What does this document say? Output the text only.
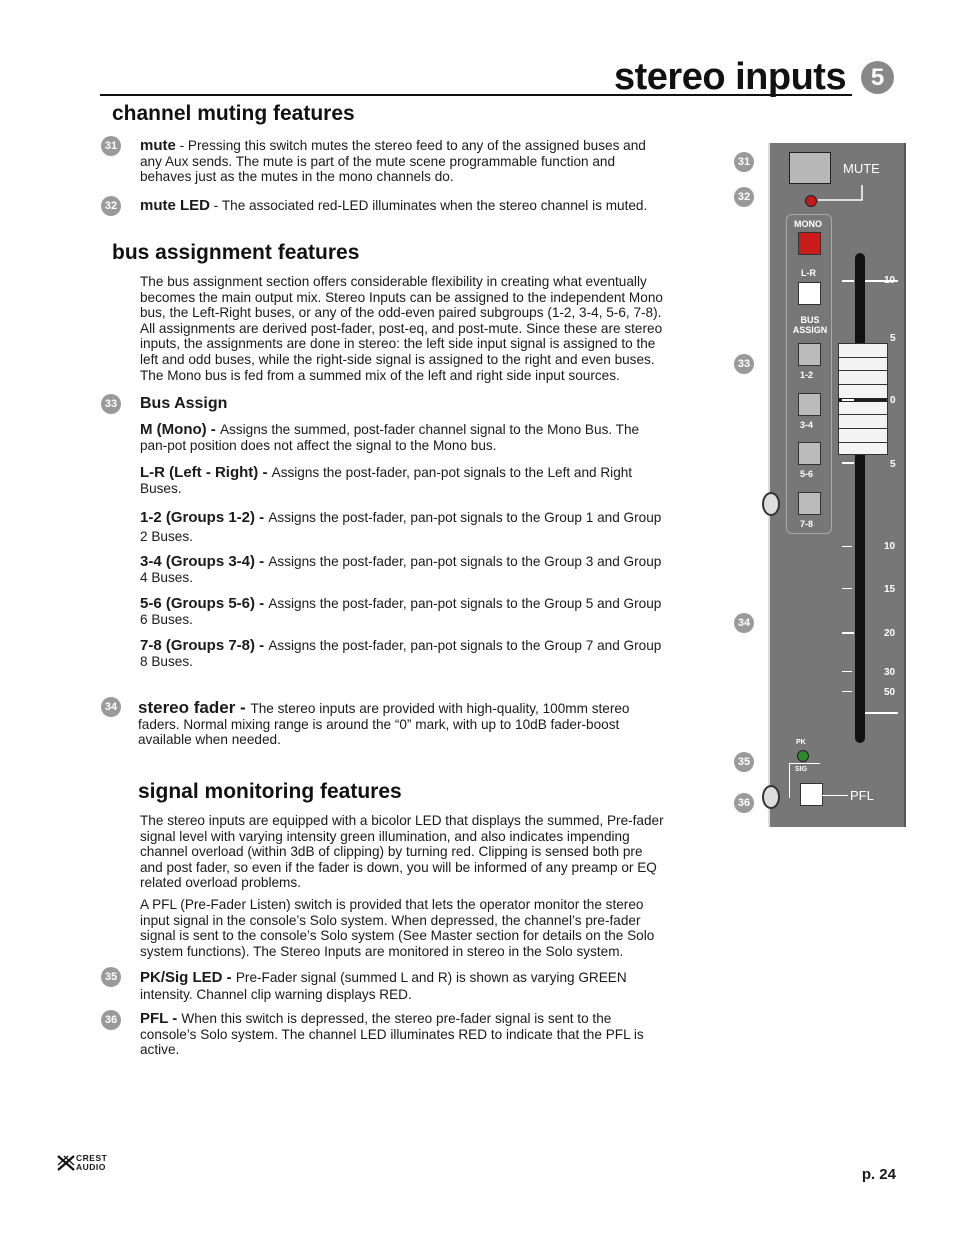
stereo inputs	5
channel muting features
31 mute - Pressing this switch mutes the stereo feed to any of the assigned buses and any Aux sends. The mute is part of the mute scene programmable function and behaves just as the mutes in the mono channels do.
32 mute LED - The associated red-LED illuminates when the stereo channel is muted.
bus assignment features
The bus assignment section offers considerable flexibility in creating what eventually becomes the main output mix. Stereo Inputs can be assigned to the independent Mono bus, the Left-Right buses, or any of the odd-even paired subgroups (1-2, 3-4, 5-6, 7-8). All assignments are derived post-fader, post-eq, and post-mute. Since these are stereo inputs, the assignments are done in stereo: the left side input signal is assigned to the left and odd buses, while the right-side signal is assigned to the right and even buses. The Mono bus is fed from a summed mix of the left and right side input sources.
33 Bus Assign
M (Mono) - Assigns the summed, post-fader channel signal to the Mono Bus. The pan-pot position does not affect the signal to the Mono bus.
L-R (Left - Right) - Assigns the post-fader, pan-pot signals to the Left and Right Buses.
1-2 (Groups 1-2) - Assigns the post-fader, pan-pot signals to the Group 1 and Group 2 Buses.
3-4 (Groups 3-4) - Assigns the post-fader, pan-pot signals to the Group 3 and Group 4 Buses.
5-6 (Groups 5-6) - Assigns the post-fader, pan-pot signals to the Group 5 and Group 6 Buses.
7-8 (Groups 7-8) - Assigns the post-fader, pan-pot signals to the Group 7 and Group 8 Buses.
34 stereo fader - The stereo inputs are provided with high-quality, 100mm stereo faders. Normal mixing range is around the “0” mark, with up to 10dB fader-boost available when needed.
signal monitoring features
The stereo inputs are equipped with a bicolor LED that displays the summed, Pre-fader signal level with varying intensity green illumination, and also indicates impending channel overload (within 3dB of clipping) by turning red. Clipping is sensed both pre and post fader, so even if the fader is down, you will be informed of any preamp or EQ related overload problems.
A PFL (Pre-Fader Listen) switch is provided that lets the operator monitor the stereo input signal in the console’s Solo system. When depressed, the channel’s pre-fader signal is sent to the console’s Solo system (See Master section for details on the Solo system functions). The Stereo Inputs are monitored in stereo in the Solo system.
35 PK/Sig LED - Pre-Fader signal (summed L and R) is shown as varying GREEN intensity. Channel clip warning displays RED.
36 PFL - When this switch is depressed, the stereo pre-fader signal is sent to the console’s Solo system. The channel LED illuminates RED to indicate that the PFL is active.
31
32
33
34
35
36
MUTE
MONO
L-R
BUS
ASSIGN
1-2
3-4
5-6
7-8
10
5
0
5
10
15
20
30
50
PK
SIG
PFL
CREST
AUDIO	p. 24
